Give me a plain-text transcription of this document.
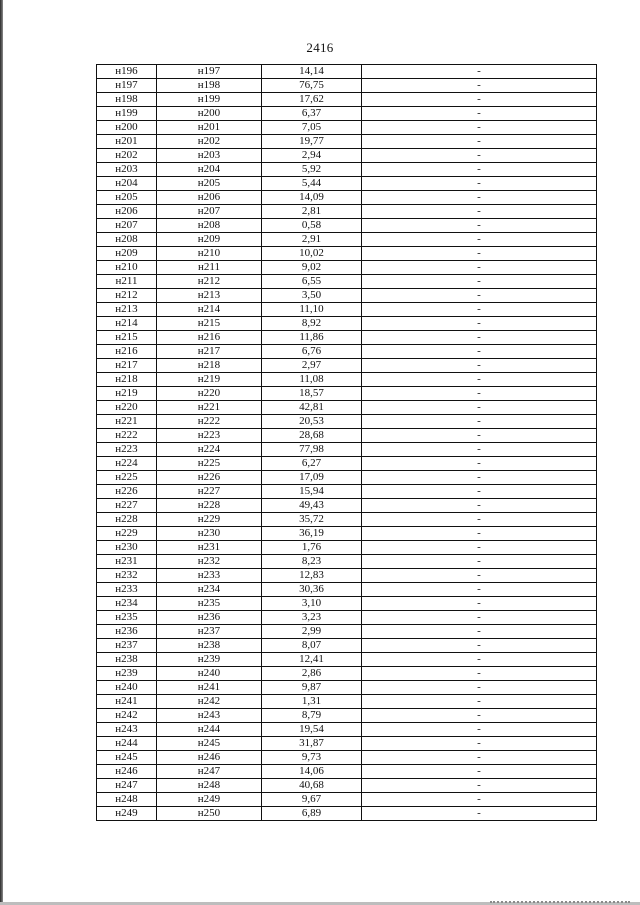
2416
н196	н197	14,14	-
н197	н198	76,75	-
н198	н199	17,62	-
н199	н200	6,37	-
н200	н201	7,05	-
н201	н202	19,77	-
н202	н203	2,94	-
н203	н204	5,92	-
н204	н205	5,44	-
н205	н206	14,09	-
н206	н207	2,81	-
н207	н208	0,58	-
н208	н209	2,91	-
н209	н210	10,02	-
н210	н211	9,02	-
н211	н212	6,55	-
н212	н213	3,50	-
н213	н214	11,10	-
н214	н215	8,92	-
н215	н216	11,86	-
н216	н217	6,76	-
н217	н218	2,97	-
н218	н219	11,08	-
н219	н220	18,57	-
н220	н221	42,81	-
н221	н222	20,53	-
н222	н223	28,68	-
н223	н224	77,98	-
н224	н225	6,27	-
н225	н226	17,09	-
н226	н227	15,94	-
н227	н228	49,43	-
н228	н229	35,72	-
н229	н230	36,19	-
н230	н231	1,76	-
н231	н232	8,23	-
н232	н233	12,83	-
н233	н234	30,36	-
н234	н235	3,10	-
н235	н236	3,23	-
н236	н237	2,99	-
н237	н238	8,07	-
н238	н239	12,41	-
н239	н240	2,86	-
н240	н241	9,87	-
н241	н242	1,31	-
н242	н243	8,79	-
н243	н244	19,54	-
н244	н245	31,87	-
н245	н246	9,73	-
н246	н247	14,06	-
н247	н248	40,68	-
н248	н249	9,67	-
н249	н250	6,89	-
